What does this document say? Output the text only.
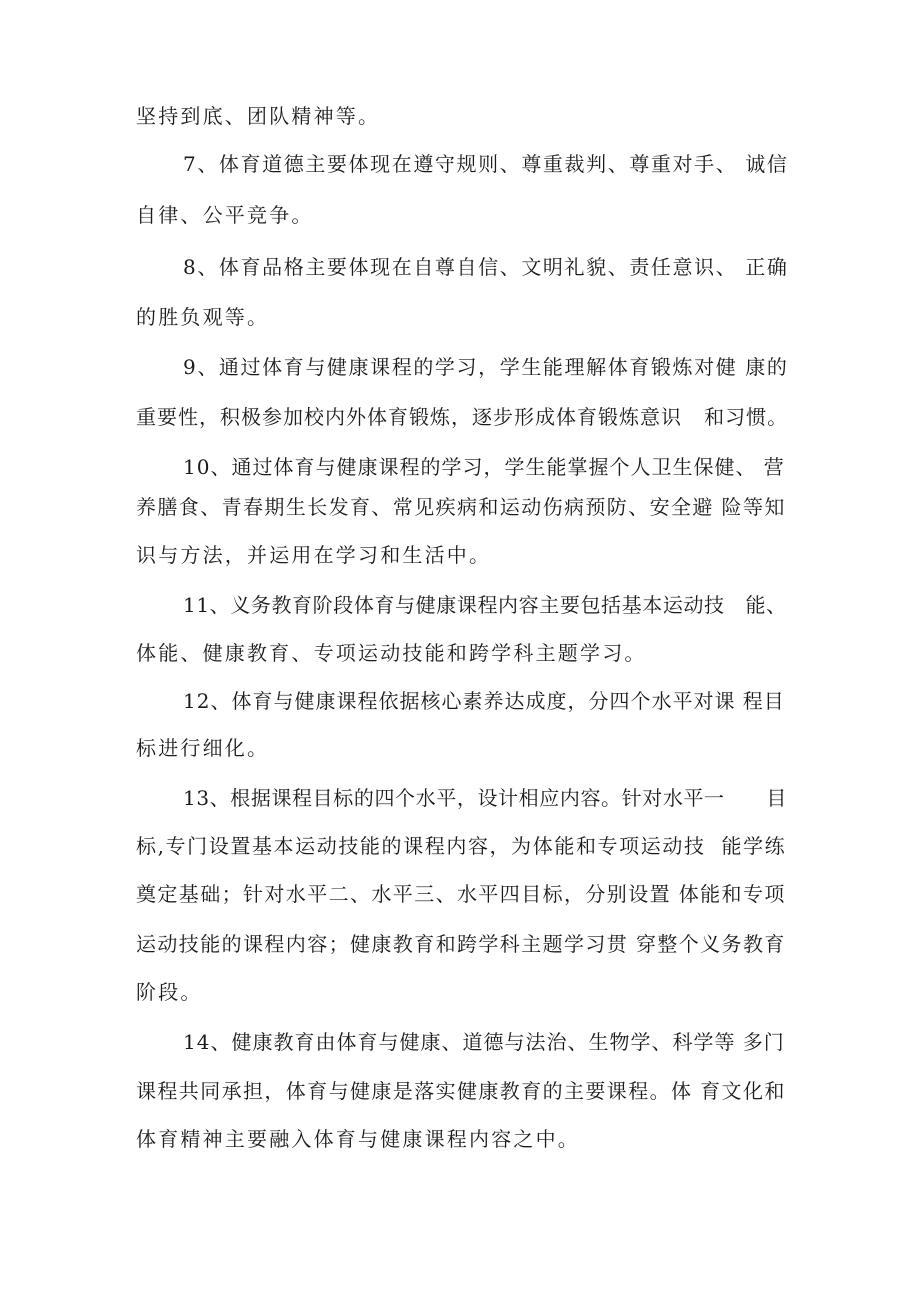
坚持到底、团队精神等。

7、体育道德主要体现在遵守规则、尊重裁判、尊重对手、 诚信

自律、公平竞争。

8、体育品格主要体现在自尊自信、文明礼貌、责任意识、 正确

的胜负观等。

9、通过体育与健康课程的学习，学生能理解体育锻炼对健 康的

重要性，积极参加校内外体育锻炼，逐步形成体育锻炼意识   和习惯。

10、通过体育与健康课程的学习，学生能掌握个人卫生保健、 营

养膳食、青春期生长发育、常见疾病和运动伤病预防、安全避 险等知

识与方法，并运用在学习和生活中。

11、义务教育阶段体育与健康课程内容主要包括基本运动技   能、

体能、健康教育、专项运动技能和跨学科主题学习。

12、体育与健康课程依据核心素养达成度，分四个水平对课 程目

标进行细化。

13、根据课程目标的四个水平，设计相应内容。针对水平一      目

标,专门设置基本运动技能的课程内容，为体能和专项运动技  能学练

奠定基础；针对水平二、水平三、水平四目标，分别设置 体能和专项

运动技能的课程内容；健康教育和跨学科主题学习贯 穿整个义务教育

阶段。

14、健康教育由体育与健康、道德与法治、生物学、科学等 多门

课程共同承担，体育与健康是落实健康教育的主要课程。体 育文化和

体育精神主要融入体育与健康课程内容之中。
